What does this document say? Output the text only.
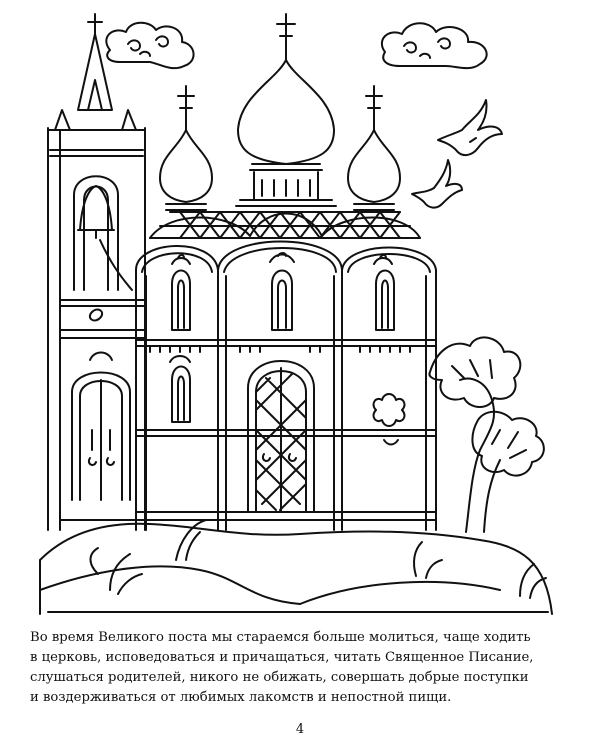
Во время Великого поста мы стараемся больше молиться, чаще ходить
в церковь, исповедоваться и причащаться, читать Священное Писание,
слушаться родителей, никого не обижать, совершать добрые поступки
и воздерживаться от любимых лакомств и непостной пищи.
4
